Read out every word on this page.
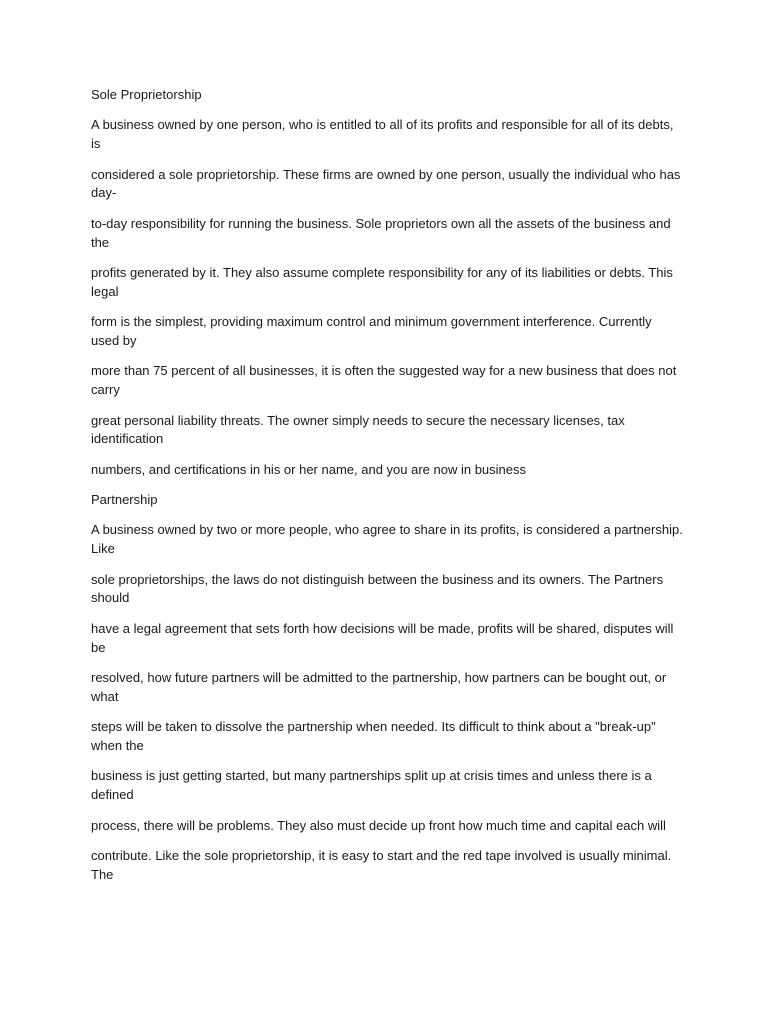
Sole Proprietorship

A business owned by one person, who is entitled to all of its profits and responsible for all of its debts, is

considered a sole proprietorship. These firms are owned by one person, usually the individual who has day-

to-day responsibility for running the business. Sole proprietors own all the assets of the business and the

profits generated by it. They also assume complete responsibility for any of its liabilities or debts. This legal

form is the simplest, providing maximum control and minimum government interference. Currently used by

more than 75 percent of all businesses, it is often the suggested way for a new business that does not carry

great personal liability threats. The owner simply needs to secure the necessary licenses, tax identification

numbers, and certifications in his or her name, and you are now in business

Partnership

A business owned by two or more people, who agree to share in its profits, is considered a partnership. Like

sole proprietorships, the laws do not distinguish between the business and its owners. The Partners should

have a legal agreement that sets forth how decisions will be made, profits will be shared, disputes will be

resolved, how future partners will be admitted to the partnership, how partners can be bought out, or what

steps will be taken to dissolve the partnership when needed. Its difficult to think about a "break-up" when the

business is just getting started, but many partnerships split up at crisis times and unless there is a defined

process, there will be problems. They also must decide up front how much time and capital each will

contribute. Like the sole proprietorship, it is easy to start and the red tape involved is usually minimal. The
